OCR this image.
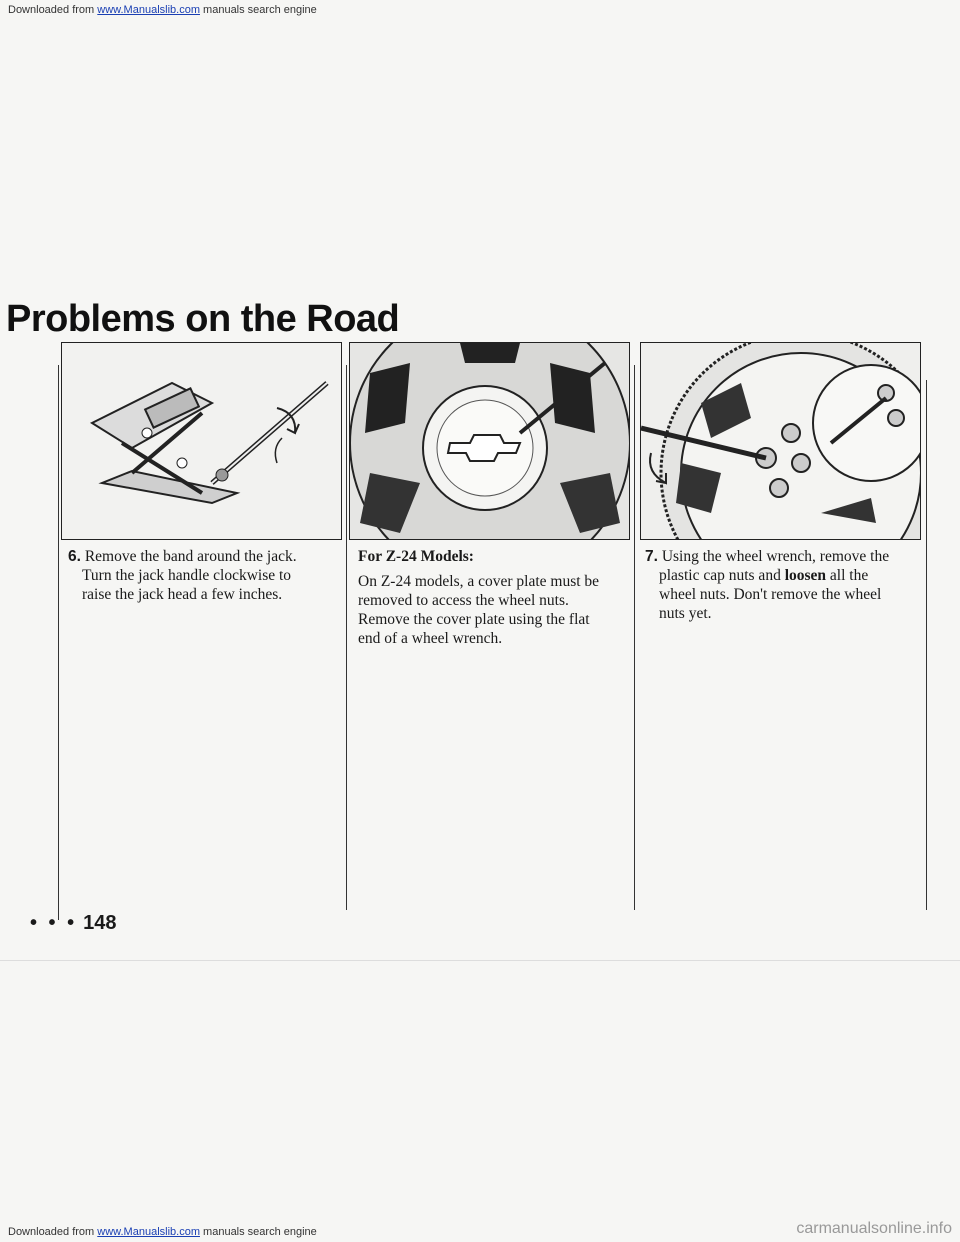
Downloaded from www.Manualslib.com manuals search engine
Problems on the Road
6. Remove the band around the jack.
Turn the jack handle clockwise to
raise the jack head a few inches.
For Z-24 Models:
On Z-24 models, a cover plate must be
removed to access the wheel nuts.
Remove the cover plate using the flat
end of a wheel wrench.
7. Using the wheel wrench, remove the
plastic cap nuts and loosen all the
wheel nuts. Don't remove the wheel
nuts yet.
• • • 148
Downloaded from www.Manualslib.com manuals search engine	carmanualsonline.info
